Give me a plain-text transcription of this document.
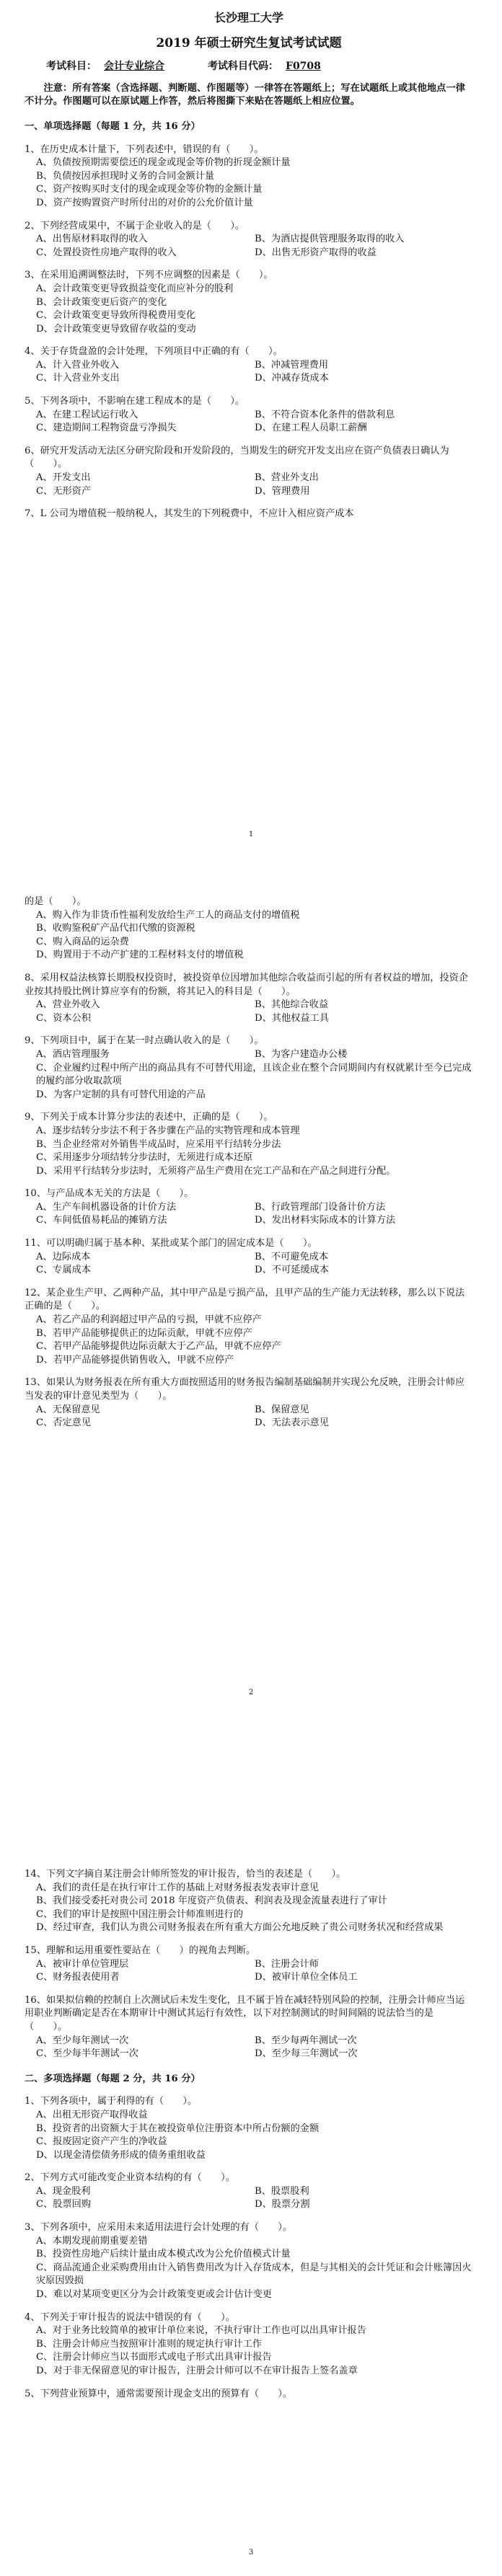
长沙理工大学
2019 年硕士研究生复试考试试题
考试科目： 会计专业综合	考试科目代码： F0708
注意：所有答案（含选择题、判断题、作图题等）一律答在答题纸上；写在试题纸上或其他地点一律不计分。作图题可以在原试题上作答，然后将图撕下来贴在答题纸上相应位置。
一、单项选择题（每题 1 分，共 16 分）
1、在历史成本计量下，下列表述中，错误的有（　　）。
A、负债按预期需要偿还的现金或现金等价物的折现金额计量
B、负债按因承担现时义务的合同金额计量
C、资产按购买时支付的现金或现金等价物的金额计量
D、资产按购置资产时所付出的对价的公允价值计量
2、下列经营成果中，不属于企业收入的是（　　）。
A、出售原材料取得的收入	B、为酒店提供管理服务取得的收入
C、处置投资性房地产取得的收入	D、出售无形资产取得的收益
3、在采用追溯调整法时，下列不应调整的因素是（　　）。
A、会计政策变更导致损益变化而应补分的股利
B、会计政策变更后资产的变化
C、会计政策变更导致所得税费用变化
D、会计政策变更导致留存收益的变动
4、关于存货盘盈的会计处理，下列项目中正确的有（　　）。
A、计入营业外收入	B、冲减管理费用
C、计入营业外支出	D、冲减存货成本
5、下列各项中，不影响在建工程成本的是（　　）。
A、在建工程试运行收入	B、不符合资本化条件的借款利息
C、建造期间工程物资盘亏净损失	D、在建工程人员职工薪酬
6、研究开发活动无法区分研究阶段和开发阶段的，当期发生的研究开发支出应在资产负债表日确认为（　　）。
A、开发支出	B、营业外支出
C、无形资产	D、管理费用
7、L 公司为增值税一般纳税人，其发生的下列税费中，不应计入相应资产成本
1
的是（　　）。
A、购入作为非货币性福利发放给生产工人的商品支付的增值税
B、收购鉴税矿产品代扣代缴的资源税
C、购入商品的运杂费
D、购置用于不动产扩建的工程材料支付的增值税
8、采用权益法核算长期股权投资时，被投资单位因增加其他综合收益而引起的所有者权益的增加，投资企业按其持股比例计算应享有的份额，将其记入的科目是（　　）。
A、营业外收入	B、其他综合收益
C、资本公积	D、其他权益工具
9、下列项目中，属于在某一时点确认收入的是（　　）。
A、酒店管理服务	B、为客户建造办公楼
C、企业履约过程中所产出的商品具有不可替代用途，且该企业在整个合同期间内有权就累计至今已完成的履约部分收取款项
D、为客户定制的具有可替代用途的产品
9、下列关于成本计算分步法的表述中，正确的是（　　）。
A、逐步结转分步法不利于各步骤在产品的实物管理和成本管理
B、当企业经常对外销售半成品时，应采用平行结转分步法
C、采用逐步分项结转分步法时，无须进行成本还原
D、采用平行结转分步法时，无须将产品生产费用在完工产品和在产品之间进行分配。
10、与产品成本无关的方法是（　　）。
A、生产车间机器设备的计价方法	B、行政管理部门设备计价方法
C、车间低值易耗品的摊销方法	D、发出材料实际成本的计算方法
11、可以明确归属于基本种、某批或某个部门的固定成本是（　　）。
A、边际成本	B、不可避免成本
C、专属成本	D、不可延缓成本
12、某企业生产甲、乙两种产品，其中甲产品是亏损产品，且甲产品的生产能力无法转移，那么以下说法正确的是（　　）。
A、若乙产品的利润超过甲产品的亏损，甲就不应停产
B、若甲产品能够提供正的边际贡献，甲就不应停产
C、若甲产品能够提供边际贡献大于乙产品，甲就不应停产
D、若甲产品能够提供销售收入，甲就不应停产
13、如果认为财务报表在所有重大方面按照适用的财务报告编制基础编制并实现公允反映，注册会计师应当发表的审计意见类型为（　　）。
A、无保留意见	B、保留意见
C、否定意见	D、无法表示意见
2
14、下列文字摘自某注册会计师所签发的审计报告，恰当的表述是（　　）。
A、我们的责任是在执行审计工作的基础上对财务报表发表审计意见
B、我们接受委托对贵公司 2018 年度资产负债表、利润表及现金流量表进行了审计
C、我们的审计是按照中国注册会计师准则进行的
D、经过审查，我们认为贵公司财务报表在所有重大方面公允地反映了贵公司财务状况和经营成果
15、理解和运用重要性要站在（　　）的视角去判断。
A、被审计单位管理层	B、注册会计师
C、财务报表使用者	D、被审计单位全体员工
16、如果拟信赖的控制自上次测试后未发生变化，且不属于旨在减轻特别风险的控制，注册会计师应当运用职业判断确定是否在本期审计中测试其运行有效性，以下对控制测试的时间间隔的说法恰当的是（　　）。
A、至少每年测试一次	B、至少每两年测试一次
C、至少每半年测试一次	D、至少每三年测试一次
二、多项选择题（每题 2 分，共 16 分）
1、下列各项中，属于利得的有（　　）。
A、出租无形资产取得收益
B、投资者的出资额大于其在被投资单位注册资本中所占份额的金额
C、报废固定资产产生的净收益
D、以现金清偿债务形成的债务重组收益
2、下列方式可能改变企业资本结构的有（　　）。
A、现金股利	B、股票股利
C、股票回购	D、股票分割
3、下列各项中，应采用未来适用法进行会计处理的有（　　）。
A、本期发现前期重要差错
B、投资性房地产后续计量由成本模式改为公允价值模式计量
C、商品流通企业采购费用由计入销售费用改为计入存货成本，但是与其相关的会计凭证和会计账簿因火灾原因毁损
D、难以对某项变更区分为会计政策变更或会计估计变更
4、下列关于审计报告的说法中错误的有（　　）。
A、对于业务比较简单的被审计单位来说，不执行审计工作也可以出具审计报告
B、注册会计师应当按照审计准则的规定执行审计工作
C、注册会计师应当以书面形式或电子形式出具审计报告
D、对于非无保留意见的审计报告，注册会计师可以不在审计报告上签名盖章
5、下列营业预算中，通常需要预计现金支出的预算有（　　）。
3
